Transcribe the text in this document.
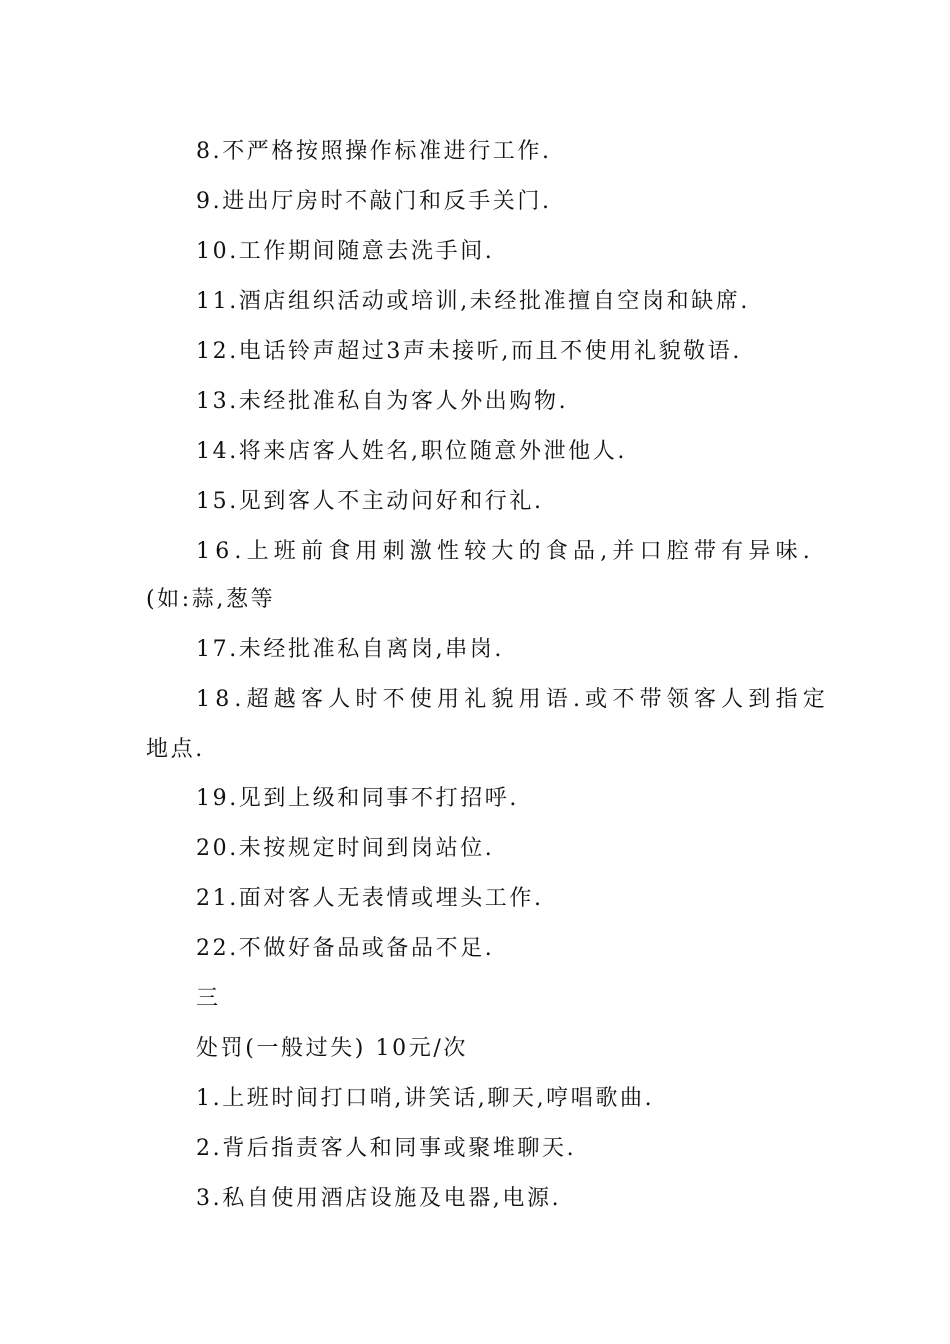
8.不严格按照操作标准进行工作.
9.进出厅房时不敲门和反手关门.
10.工作期间随意去洗手间.
11.酒店组织活动或培训,未经批准擅自空岗和缺席.
12.电话铃声超过3声未接听,而且不使用礼貌敬语.
13.未经批准私自为客人外出购物.
14.将来店客人姓名,职位随意外泄他人.
15.见到客人不主动问好和行礼.
16.上班前食用刺激性较大的食品,并口腔带有异味.
(如:蒜,葱等
17.未经批准私自离岗,串岗.
18.超越客人时不使用礼貌用语.或不带领客人到指定
地点.
19.见到上级和同事不打招呼.
20.未按规定时间到岗站位.
21.面对客人无表情或埋头工作.
22.不做好备品或备品不足.
三
处罚(一般过失) 10元/次
1.上班时间打口哨,讲笑话,聊天,哼唱歌曲.
2.背后指责客人和同事或聚堆聊天.
3.私自使用酒店设施及电器,电源.
